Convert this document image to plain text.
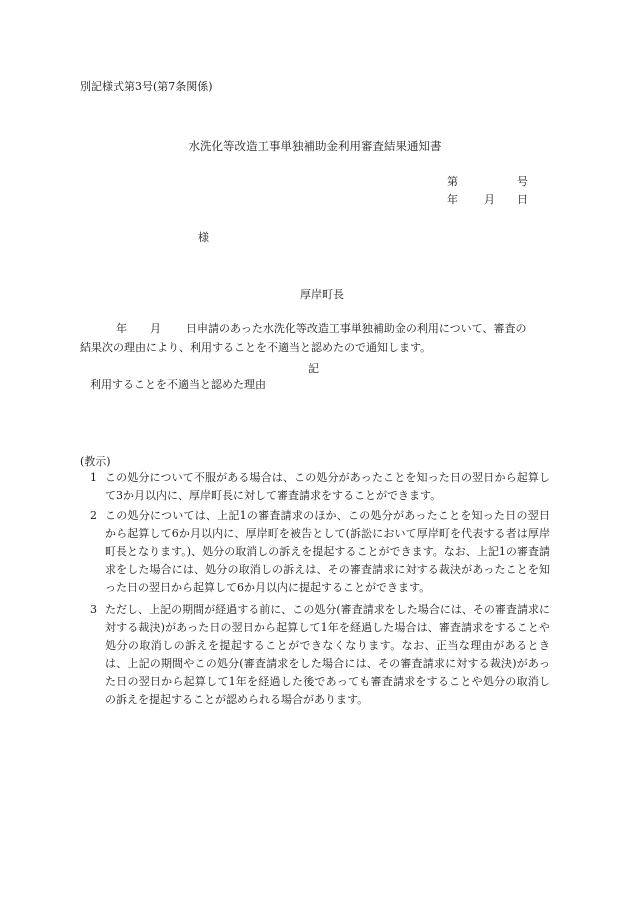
別記様式第3号(第7条関係)
水洗化等改造工事単独補助金利用審査結果通知書
第	号
年 月 日
様
厚岸町長
年 月 日申請のあった水洗化等改造工事単独補助金の利用について、審査の
結果次の理由により、利用することを不適当と認めたので通知します。
記
利用することを不適当と認めた理由
(教示)
1 この処分について不服がある場合は、この処分があったことを知った日の翌日から起算して3か月以内に、厚岸町長に対して審査請求をすることができます。
2 この処分については、上記1の審査請求のほか、この処分があったことを知った日の翌日から起算して6か月以内に、厚岸町を被告として(訴訟において厚岸町を代表する者は厚岸町長となります。)、処分の取消しの訴えを提起することができます。なお、上記1の審査請求をした場合には、処分の取消しの訴えは、その審査請求に対する裁決があったことを知った日の翌日から起算して6か月以内に提起することができます。
3 ただし、上記の期間が経過する前に、この処分(審査請求をした場合には、その審査請求に対する裁決)があった日の翌日から起算して1年を経過した場合は、審査請求をすることや処分の取消しの訴えを提起することができなくなります。なお、正当な理由があるときは、上記の期間やこの処分(審査請求をした場合には、その審査請求に対する裁決)があった日の翌日から起算して1年を経過した後であっても審査請求をすることや処分の取消しの訴えを提起することが認められる場合があります。
